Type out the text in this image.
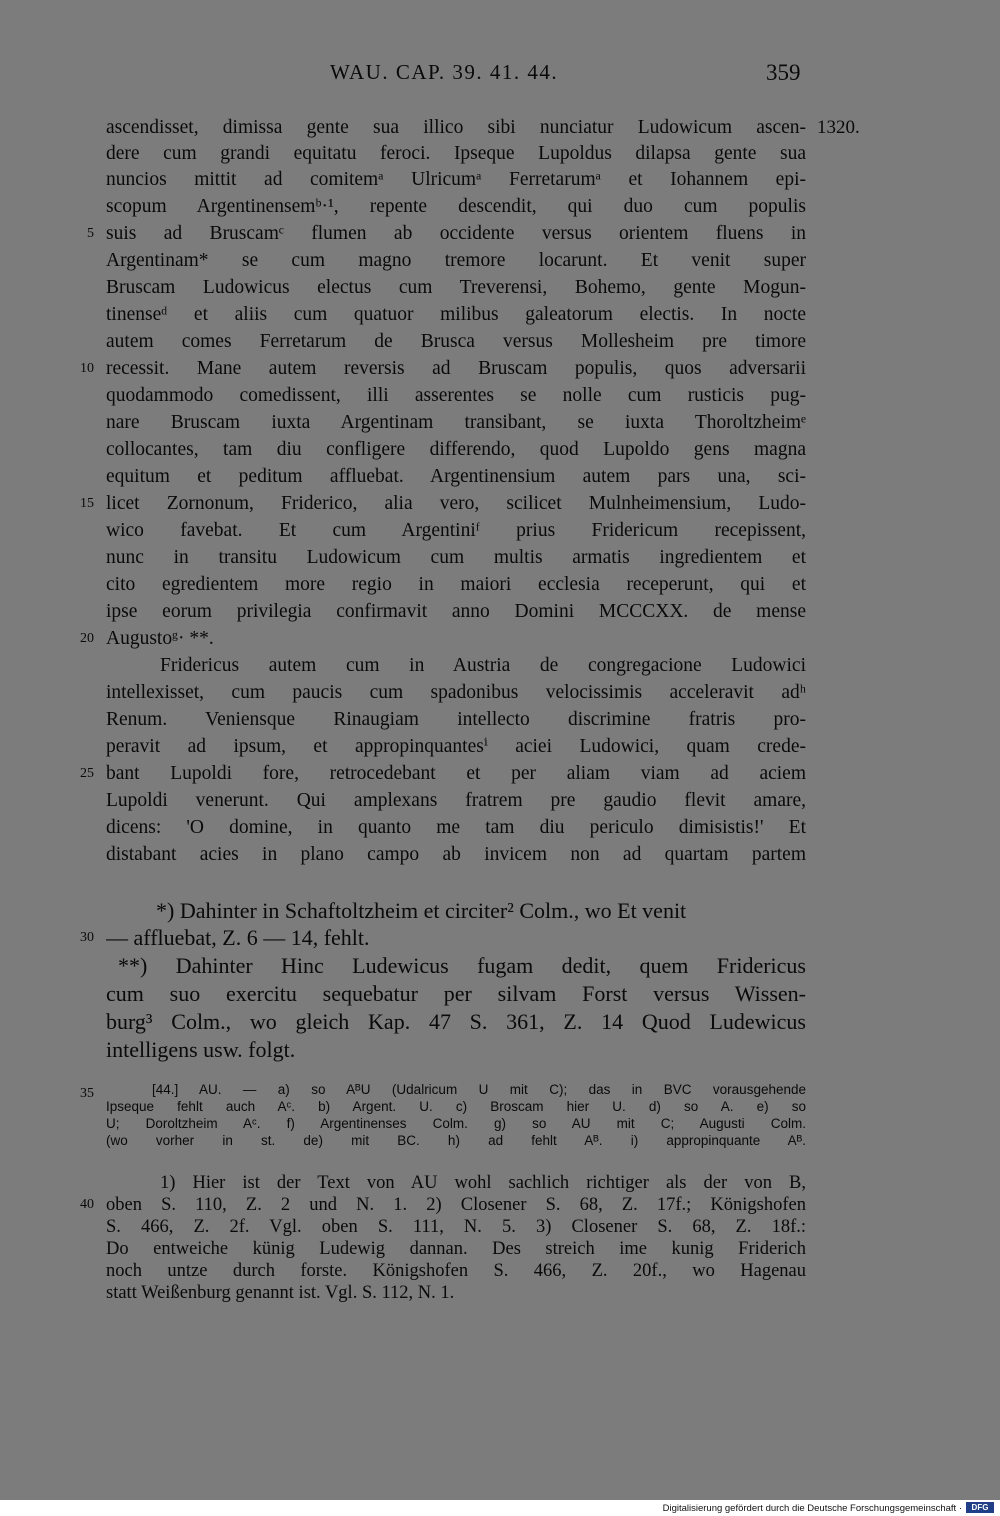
WAU. CAP. 39. 41. 44.	359
1320.
ascendisset, dimissa gente sua illico sibi nunciatur Ludowicum ascen-
dere cum grandi equitatu feroci. Ipseque Lupoldus dilapsa gente sua
nuncios mittit ad comitemᵃ Ulricumᵃ Ferretarumᵃ et Iohannem epi-
scopum Argentinensemᵇ·¹, repente descendit, qui duo cum populis
suis ad Bruscamᶜ flumen ab occidente versus orientem fluens in
Argentinam* se cum magno tremore locarunt. Et venit super
Bruscam Ludowicus electus cum Treverensi, Bohemo, gente Mogun-
tinenseᵈ et aliis cum quatuor milibus galeatorum electis. In nocte
autem comes Ferretarum de Brusca versus Mollesheim pre timore
recessit. Mane autem reversis ad Bruscam populis, quos adversarii
quodammodo comedissent, illi asserentes se nolle cum rusticis pug-
nare Bruscam iuxta Argentinam transibant, se iuxta Thoroltzheimᵉ
collocantes, tam diu confligere differendo, quod Lupoldo gens magna
equitum et peditum affluebat. Argentinensium autem pars una, sci-
licet Zornonum, Friderico, alia vero, scilicet Mulnheimensium, Ludo-
wico favebat. Et cum Argentiniᶠ prius Fridericum recepissent,
nunc in transitu Ludowicum cum multis armatis ingredientem et
cito egredientem more regio in maiori ecclesia receperunt, qui et
ipse eorum privilegia confirmavit anno Domini MCCCXX. de mense
Augustoᵍ· **.
Fridericus autem cum in Austria de congregacione Ludowici
intellexisset, cum paucis cum spadonibus velocissimis acceleravit adʰ
Renum. Veniensque Rinaugiam intellecto discrimine fratris pro-
peravit ad ipsum, et appropinquantesⁱ aciei Ludowici, quam crede-
bant Lupoldi fore, retrocedebant et per aliam viam ad aciem
Lupoldi venerunt. Qui amplexans fratrem pre gaudio flevit amare,
dicens: 'O domine, in quanto me tam diu periculo dimisistis!' Et
distabant acies in plano campo ab invicem non ad quartam partem
5
10
15
20
25
30
35
40
*) Dahinter in Schaftoltzheim et circiter² Colm., wo Et venit
— affluebat, Z. 6 — 14, fehlt.
**) Dahinter Hinc Ludewicus fugam dedit, quem Fridericus
cum suo exercitu sequebatur per silvam Forst versus Wissen-
burg³ Colm., wo gleich Kap. 47 S. 361, Z. 14 Quod Ludewicus
intelligens usw. folgt.
[44.] AU. — a) so AᴮU (Udalricum U mit C); das in BVC vorausgehende
Ipseque fehlt auch Aᶜ. b) Argent. U. c) Broscam hier U. d) so A. e) so
U; Doroltzheim Aᶜ. f) Argentinenses Colm. g) so AU mit C; Augusti Colm.
(wo vorher in st. de) mit BC. h) ad fehlt Aᴮ. i) appropinquante Aᴮ.
1) Hier ist der Text von AU wohl sachlich richtiger als der von B,
oben S. 110, Z. 2 und N. 1. 2) Closener S. 68, Z. 17f.; Königshofen
S. 466, Z. 2f. Vgl. oben S. 111, N. 5. 3) Closener S. 68, Z. 18f.:
Do entweiche künig Ludewig dannan. Des streich ime kunig Friderich
noch untze durch forste. Königshofen S. 466, Z. 20f., wo Hagenau
statt Weißenburg genannt ist. Vgl. S. 112, N. 1.
Digitalisierung gefördert durch die Deutsche Forschungsgemeinschaft ·	DFG
